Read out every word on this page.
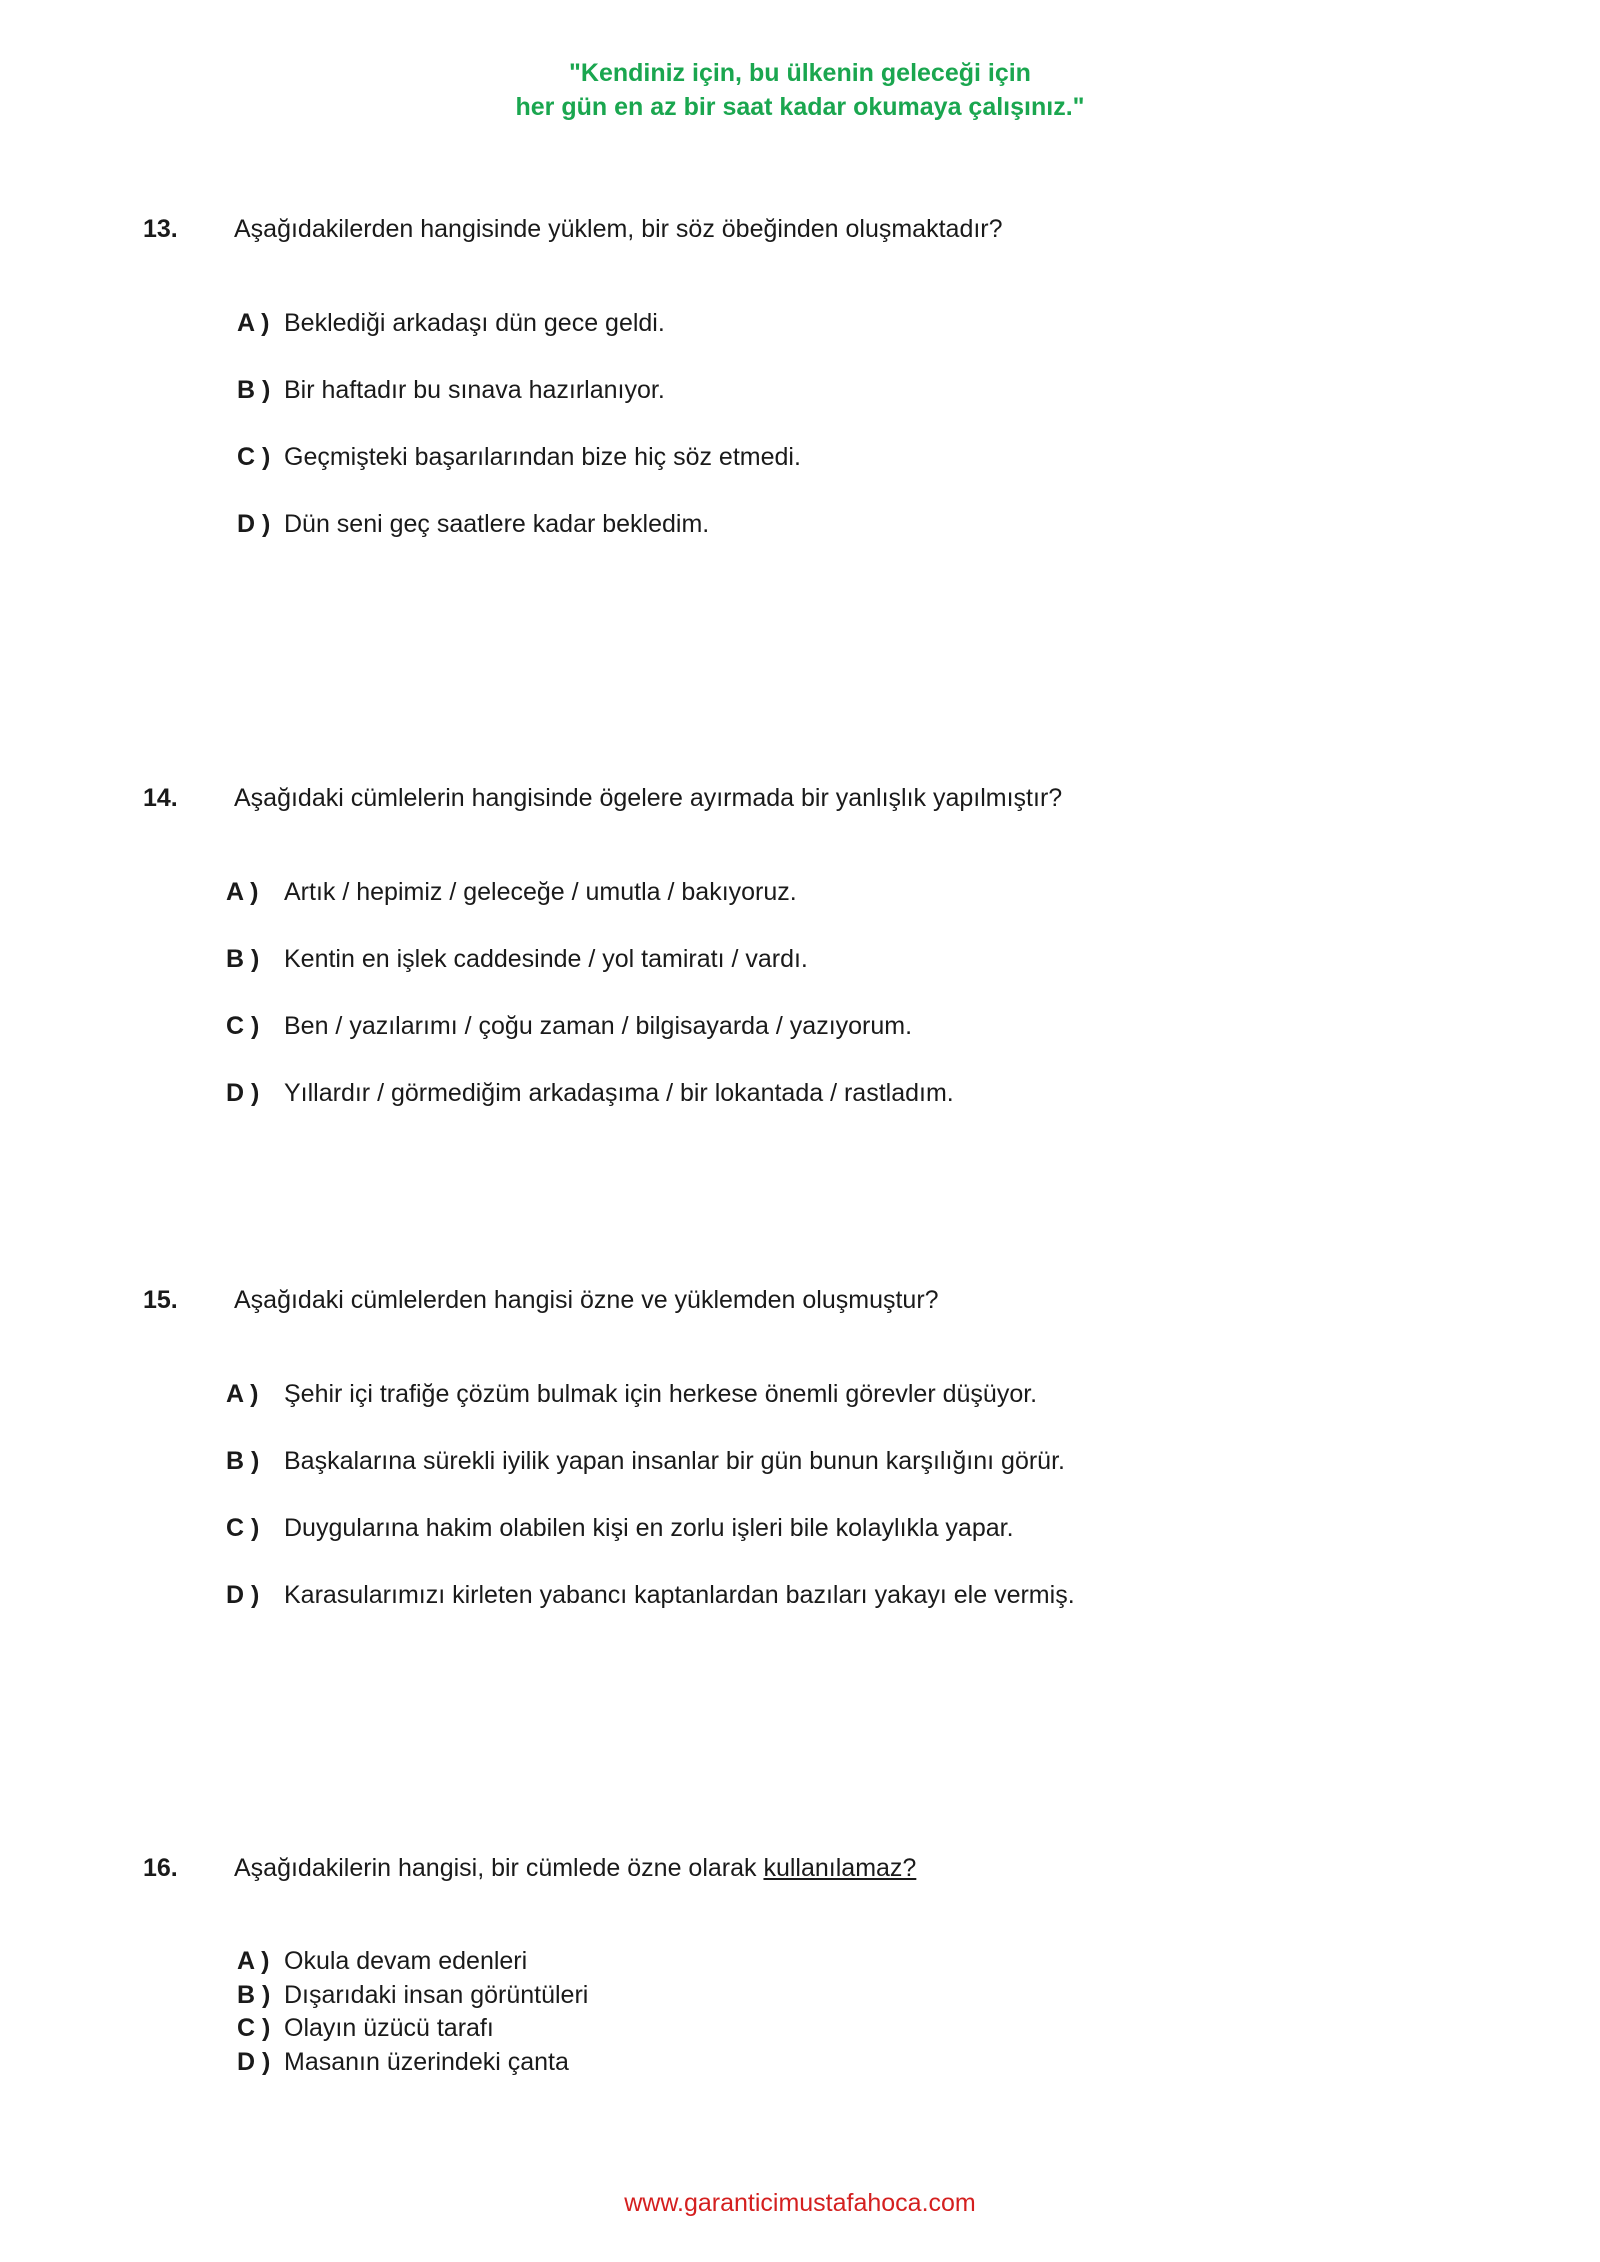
"Kendiniz için, bu ülkenin geleceği için
her gün en az bir saat kadar okumaya çalışınız."
13.	Aşağıdakilerden hangisinde yüklem, bir söz öbeğinden oluşmaktadır?
A ) Beklediği arkadaşı dün gece geldi.
B ) Bir haftadır bu sınava hazırlanıyor.
C ) Geçmişteki başarılarından bize hiç söz etmedi.
D ) Dün seni geç saatlere kadar bekledim.
14.	Aşağıdaki cümlelerin hangisinde ögelere ayırmada bir yanlışlık yapılmıştır?
A )	Artık / hepimiz / geleceğe / umutla / bakıyoruz.
B ) Kentin en işlek caddesinde / yol tamiratı / vardı.
C ) Ben / yazılarımı / çoğu zaman / bilgisayarda / yazıyorum.
D ) Yıllardır / görmediğim arkadaşıma / bir lokantada / rastladım.
15.	Aşağıdaki cümlelerden hangisi özne ve yüklemden oluşmuştur?
A )	Şehir içi trafiğe çözüm bulmak için herkese önemli görevler düşüyor.
B ) Başkalarına sürekli iyilik yapan insanlar bir gün bunun karşılığını görür.
C ) Duygularına hakim olabilen kişi en zorlu işleri bile kolaylıkla yapar.
D ) Karasularımızı kirleten yabancı kaptanlardan bazıları yakayı ele vermiş.
16.	Aşağıdakilerin hangisi, bir cümlede özne olarak kullanılamaz?
A ) Okula devam edenleri
B ) Dışarıdaki insan görüntüleri
C ) Olayın üzücü tarafı
D ) Masanın üzerindeki çanta
www.garanticimustafahoca.com
